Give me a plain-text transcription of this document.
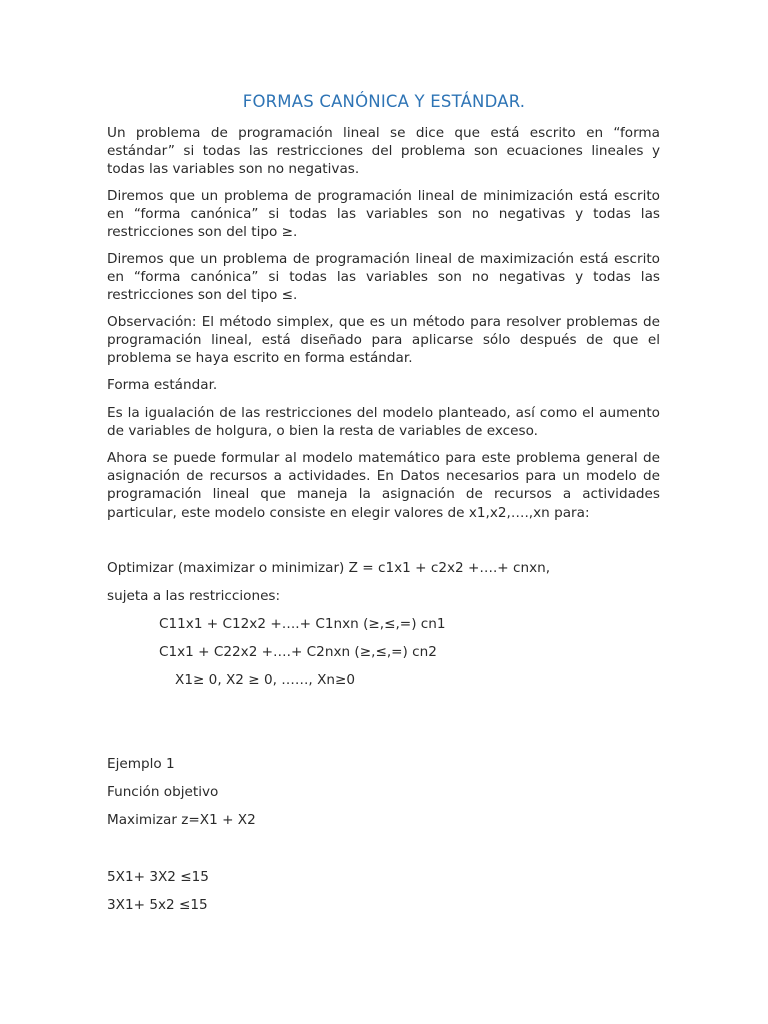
FORMAS CANÓNICA Y ESTÁNDAR.

Un problema de programación lineal se dice que está escrito en “forma estándar” si todas las restricciones del problema son ecuaciones lineales y todas las variables son no negativas.

Diremos que un problema de programación lineal de minimización está escrito en “forma canónica” si todas las variables son no negativas y todas las restricciones son del tipo ≥.

Diremos que un problema de programación lineal de maximización está escrito en “forma canónica” si todas las variables son no negativas y todas las restricciones son del tipo ≤.

Observación: El método simplex, que es un método para resolver problemas de programación lineal, está diseñado para aplicarse sólo después de que el problema se haya escrito en forma estándar.

Forma estándar.

Es la igualación de las restricciones del modelo planteado, así como el aumento de variables de holgura, o bien la resta de variables de exceso.

Ahora se puede formular al modelo matemático para este problema general de asignación de recursos a actividades. En Datos necesarios para un modelo de programación lineal que maneja la asignación de recursos a actividades particular, este modelo consiste en elegir valores de x1,x2,….,xn para:

Optimizar (maximizar o minimizar) Z = c1x1 + c2x2 +….+ cnxn,
sujeta a las restricciones:
C11x1 + C12x2 +….+ C1nxn (≥,≤,=) cn1
C1x1 + C22x2 +….+ C2nxn (≥,≤,=) cn2
X1≥ 0, X2 ≥ 0, ……, Xn≥0
Ejemplo 1
Función objetivo
Maximizar z=X1 + X2
5X1+ 3X2 ≤15
3X1+ 5x2 ≤15
